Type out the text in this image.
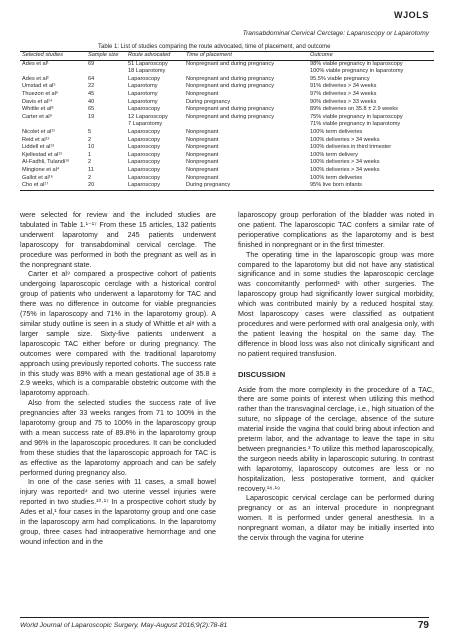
WJOLS
Transabdominal Cervical Cerclage: Laparoscopy or Laparotomy
Table 1: List of studies comparing the route advocated, time of placement, and outcome
Selected studies	Sample size	Route advocated	Time of placement	Outcome
Ades et al¹	69	51 Laparoscopy	Nonpregnant and during pregnancy	98% viable pregnancy in laparoscopy
		18 Laparotomy		100% viable pregnancy in laparotomy
Ades et al²	64	Laparoscopy	Nonpregnant and during pregnancy	95.5% viable pregnancy
Umstad et al⁵	22	Laparotomy	Nonpregnant and during pregnancy	91% deliveries > 34 weeks
Thuezon et al⁶	45	Laparotomy	Nonpregnant	97% deliveries > 34 weeks
Davis et al¹⁴	40	Laparotomy	During pregnancy	90% deliveries > 33 weeks
Whittle et al⁸	65	Laparoscopy	Nonpregnant and during pregnancy	89% deliveries on 35.8 ± 2.9 weeks
Carter et al⁹	19	12 Laparoscopy	Nonpregnant and during pregnancy	75% viable pregnancy in laparoscopy
		7 Laparotomy		71% viable pregnancy in laparotomy
Nicolet et al¹¹	5	Laparoscopy	Nonpregnant	100% term deliveries
Reid et al¹²	2	Laparoscopy	Nonpregnant	100% deliveries > 34 weeks
Liddell et al¹³	10	Laparoscopy	Nonpregnant	100% deliveries in third trimester
Kjellestad et al¹⁵	1	Laparoscopy	Nonpregnant	100% term delivery
Al-Fadhli, Tulandi¹⁶	2	Laparoscopy	Nonpregnant	100% deliveries > 34 weeks
Mingione et al⁴	11	Laparoscopy	Nonpregnant	100% deliveries > 34 weeks
Gallot et al¹⁶	2	Laparoscopy	Nonpregnant	100% term deliveries
Cho et al¹⁷	20	Laparoscopy	During pregnancy	95% live born infants

were selected for review and the included studies are tabulated in Table 1.¹⁻¹⁷ From these 15 articles, 132 patients underwent laparotomy and 245 patients underwent laparoscopy for transabdominal cervical cerclage. The procedure was performed in both the pregnant as well as in the nonpregnant state.

Carter et al⁹ compared a prospective cohort of patients undergoing laparoscopic cerclage with a historical control group of patients who underwent a laparotomy for TAC and there was no difference in outcome for viable pregnancies (75% in laparoscopy and 71% in the laparotomy group). A similar study outline is seen in a study of Whittle et al⁸ with a larger sample size. Sixty-five patients underwent a laparoscopic TAC either before or during pregnancy. The outcomes were compared with the traditional laparotomy approach using previously reported cohorts. The success rate in this study was 89% with a mean gestational age of 35.8 ± 2.9 weeks, which is a comparable obstetric outcome with the laparotomy approach.

Also from the selected studies the success rate of live pregnancies after 33 weeks ranges from 71 to 100% in the laparotomy group and 75 to 100% in the laparoscopy group with a mean success rate of 89.8% in the laparotomy group and 96% in the laparoscopic procedures. It can be concluded from these studies that the laparoscopic approach for TAC is as effective as the laparotomy approach and can be safely performed during pregnancy also.

In one of the case series with 11 cases, a small bowel injury was reported⁴ and two uterine vessel injuries were reported in two studies.¹⁰·¹⁷ In a prospective cohort study by Ades et al,¹ four cases in the laparotomy group and one case in the laparoscopy arm had complications. In the laparotomy group, three cases had intraoperative hemorrhage and one wound infection and in the

laparoscopy group perforation of the bladder was noted in one patient. The laparoscopic TAC confers a similar rate of perioperative complications as the laparotomy and is best finished in nonpregnant or in the first trimester.

The operating time in the laparoscopic group was more compared to the laparotomy but did not have any statistical significance and in some studies the laparoscopic cerclage was concomitantly performed¹ with other surgeries. The laparoscopy group had significantly lower surgical morbidity, which was contributed mainly by a reduced hospital stay. Most laparoscopy cases were classified as outpatient procedures and were performed with oral analgesia only, with the patient leaving the hospital on the same day. The difference in blood loss was also not clinically significant and no patient required transfusion.

DISCUSSION

Aside from the more complexity in the procedure of a TAC, there are some points of interest when utilizing this method rather than the transvaginal cerclage, i.e., high situation of the suture, no slippage of the cerclage, absence of the suture material inside the vagina that could bring about infection and preterm labor, and the advantage to leave the tape in situ between pregnancies.³ To utilize this method laparoscopically, the surgeon needs ability in laparoscopic suturing. In contrast with laparotomy, laparoscopy outcomes are less or no hospitalization, less postoperative torment, and quicker recovery.¹⁸·¹⁹

Laparoscopic cervical cerclage can be performed during pregnancy or as an interval procedure in nonpregnant women. It is performed under general anesthesia. In a nonpregnant woman, a dilator may be initially inserted into the cervix through the vagina for uterine

World Journal of Laparoscopic Surgery, May-August 2016;9(2):78-81	79
